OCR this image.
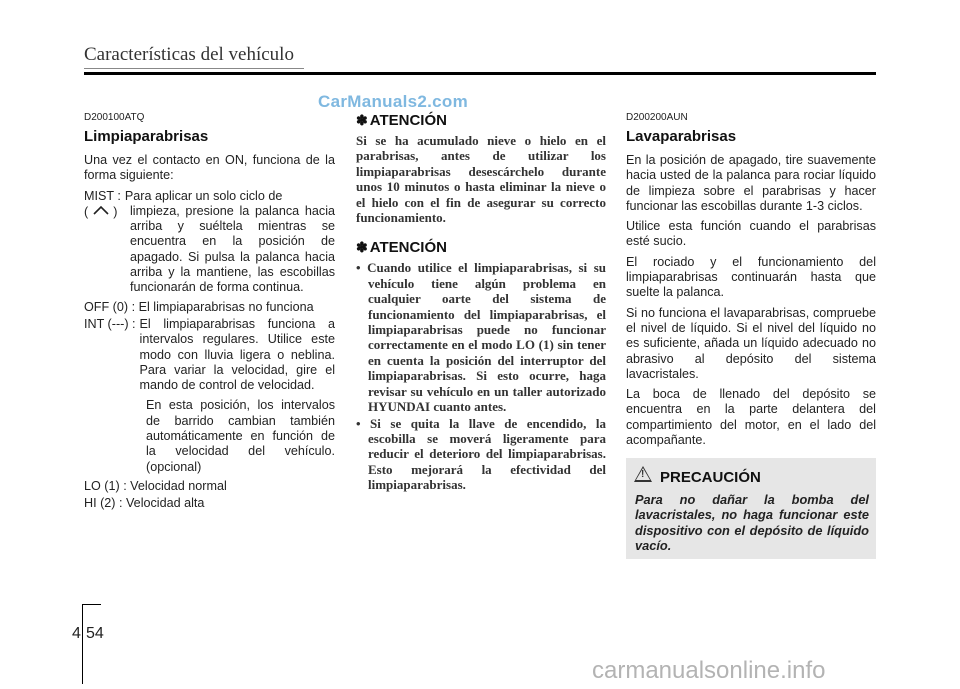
Características del vehículo
CarManuals2.com
D200100ATQ
Limpiaparabrisas
Una vez el contacto en ON, funciona de la forma siguiente:
MIST : Para aplicar un solo ciclo de
( ) limpieza, presione la palanca hacia arriba y suéltela mientras se encuentra en la posición de apagado. Si pulsa la palanca hacia arriba y la mantiene, las escobillas funcionarán de forma continua.
OFF (0) : El limpiaparabrisas no funciona
INT (---) : El limpiaparabrisas funciona a intervalos regulares. Utilice este modo con lluvia ligera o neblina. Para variar la velocidad, gire el mando de control de velocidad.
En esta posición, los intervalos de barrido cambian también automáticamente en función de la velocidad del vehículo. (opcional)
LO (1) : Velocidad normal
HI (2) : Velocidad alta
✽ ATENCIÓN
Si se ha acumulado nieve o hielo en el parabrisas, antes de utilizar los limpiaparabrisas desescárchelo durante unos 10 minutos o hasta eliminar la nieve o el hielo con el fin de asegurar su correcto funcionamiento.
✽ ATENCIÓN
• Cuando utilice el limpiaparabrisas, si su vehículo tiene algún problema en cualquier oarte del sistema de funcionamiento del limpiaparabrisas, el limpiaparabrisas puede no funcionar correctamente en el modo LO (1) sin tener en cuenta la posición del interruptor del limpiaparabrisas. Si esto ocurre, haga revisar su vehículo en un taller autorizado HYUNDAI cuanto antes.
• Si se quita la llave de encendido, la escobilla se moverá ligeramente para reducir el deterioro del limpiaparabrisas. Esto mejorará la efectividad del limpiaparabrisas.
D200200AUN
Lavaparabrisas
En la posición de apagado, tire suavemente hacia usted de la palanca para rociar líquido de limpieza sobre el parabrisas y hacer funcionar las escobillas durante 1-3 ciclos.
Utilice esta función cuando el parabrisas esté sucio.
El rociado y el funcionamiento del limpiaparabrisas continuarán hasta que suelte la palanca.
Si no funciona el lavaparabrisas, compruebe el nivel de líquido. Si el nivel del líquido no es suficiente, añada un líquido adecuado no abrasivo al depósito del sistema lavacristales.
La boca de llenado del depósito se encuentra en la parte delantera del compartimiento del motor, en el lado del acompañante.
! PRECAUCIÓN
Para no dañar la bomba del lavacristales, no haga funcionar este dispositivo con el depósito de líquido vacío.
4 54
carmanualsonline.info
